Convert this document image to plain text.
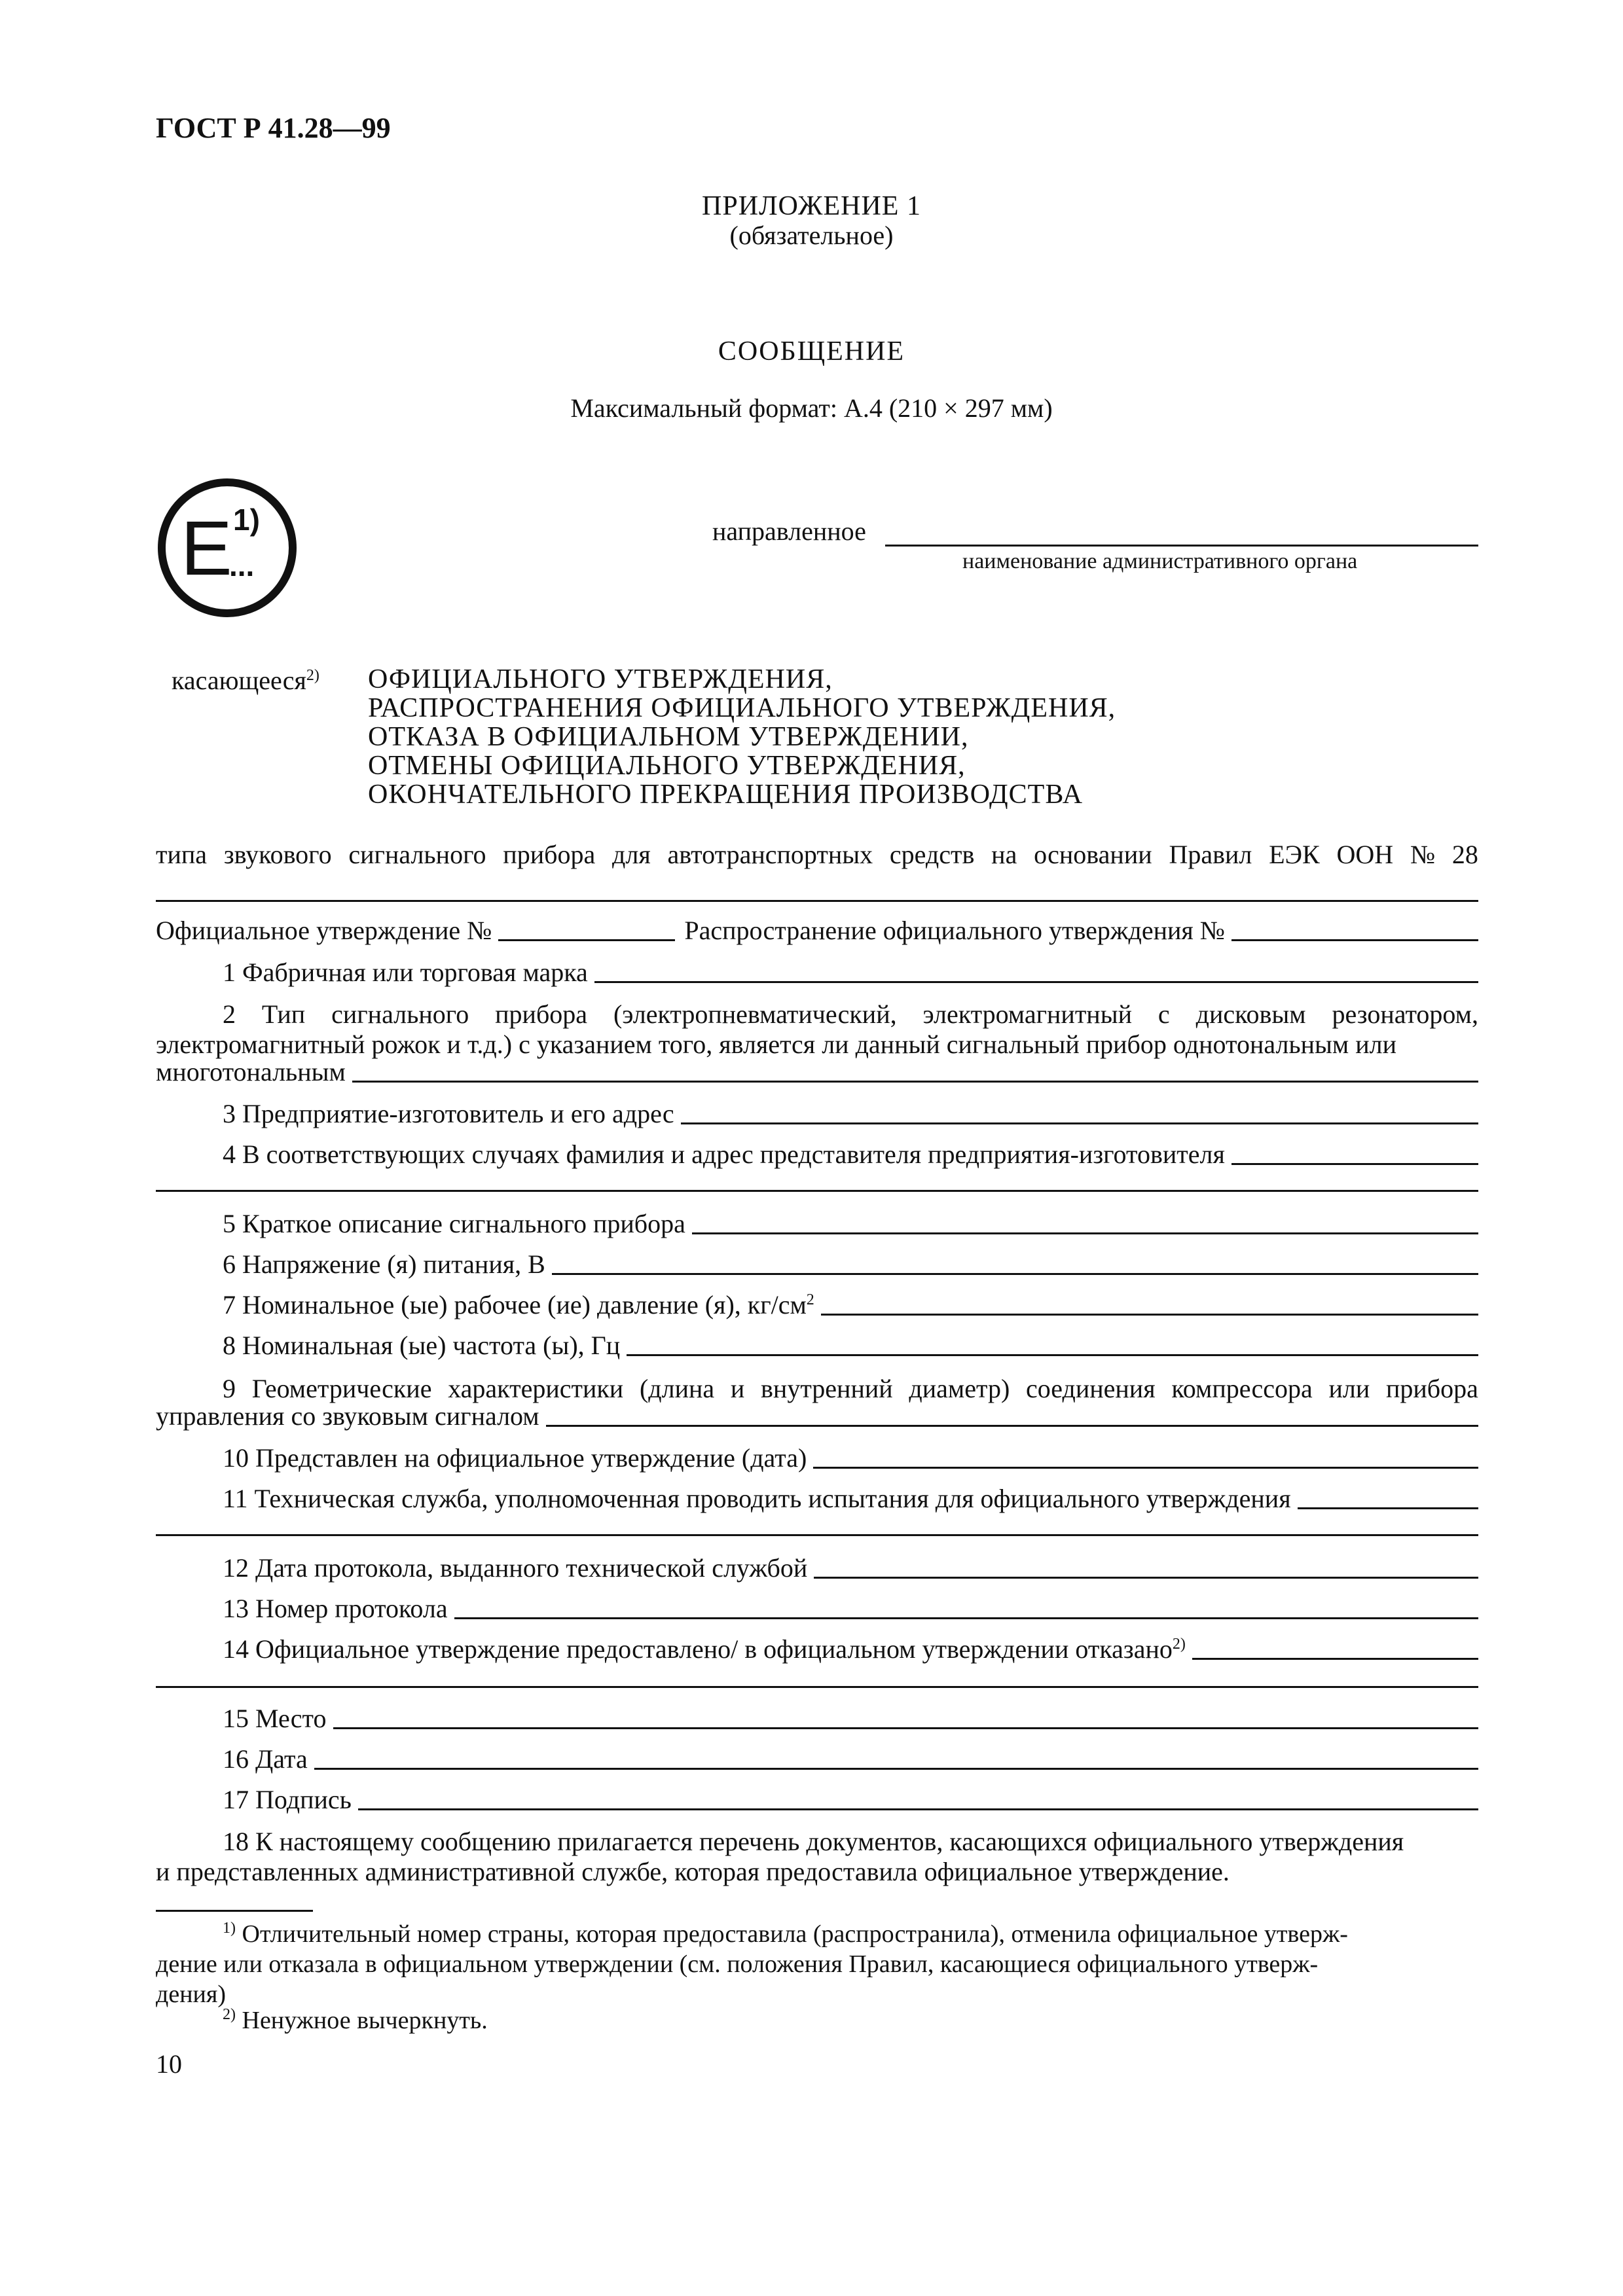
ГОСТ Р 41.28—99
ПРИЛОЖЕНИЕ 1
(обязательное)
СООБЩЕНИЕ
Максимальный формат: А.4 (210 × 297 мм)
E 1)
...
направленное
наименование административного органа
касающееся$^{2)}$ ОФИЦИАЛЬНОГО УТВЕРЖДЕНИЯ,
РАСПРОСТРАНЕНИЯ ОФИЦИАЛЬНОГО УТВЕРЖДЕНИЯ,
ОТКАЗА В ОФИЦИАЛЬНОМ УТВЕРЖДЕНИИ,
ОТМЕНЫ ОФИЦИАЛЬНОГО УТВЕРЖДЕНИЯ,
ОКОНЧАТЕЛЬНОГО ПРЕКРАЩЕНИЯ ПРОИЗВОДСТВА
типа звукового сигнального прибора для автотранспортных средств на основании Правил ЕЭК ООН № 28
Официальное утверждение №	Распространение официального утверждения №
1 Фабричная или торговая марка
2 Тип сигнального прибора (электропневматический, электромагнитный с дисковым резонатором,
электромагнитный рожок и т.д.) с указанием того, является ли данный сигнальный прибор однотональным или
многотональным
3 Предприятие-изготовитель и его адрес
4 В соответствующих случаях фамилия и адрес представителя предприятия-изготовителя
5 Краткое описание сигнального прибора
6 Напряжение (я) питания, В
7 Номинальное (ые) рабочее (ие) давление (я), $кг/см^2$
8 Номинальная (ые) частота (ы), Гц
9 Геометрические характеристики (длина и внутренний диаметр) соединения компрессора или прибора
управления со звуковым сигналом
10 Представлен на официальное утверждение (дата)
11 Техническая служба, уполномоченная проводить испытания для официального утверждения
12 Дата протокола, выданного технической службой
13 Номер протокола
14 Официальное утверждение предоставлено/ в официальном утверждении отказано$^{2)}$
15 Место
16 Дата
17 Подпись
18 К настоящему сообщению прилагается перечень документов, касающихся официального утверждения
и представленных административной службе, которая предоставила официальное утверждение.
$^{1)}$ Отличительный номер страны, которая предоставила (распространила), отменила официальное утверж-
дение или отказала в официальном утверждении (см. положения Правил, касающиеся официального утверж-
дения)
$^{2)}$ Ненужное вычеркнуть.
10
